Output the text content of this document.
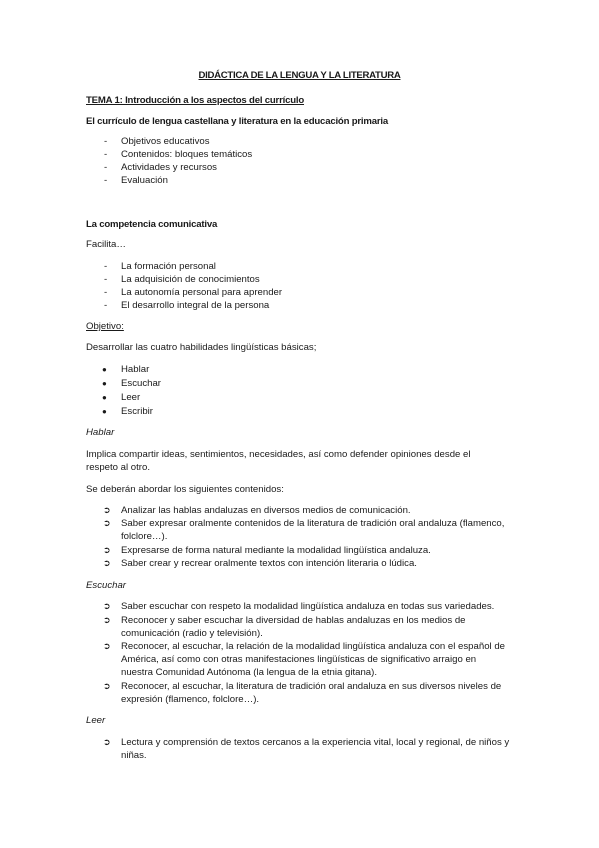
DIDÁCTICA DE LA LENGUA Y LA LITERATURA
TEMA 1: Introducción a los aspectos del currículo
El currículo de lengua castellana y literatura en la educación primaria
- Objetivos educativos
- Contenidos: bloques temáticos
- Actividades y recursos
- Evaluación
La competencia comunicativa
Facilita…
- La formación personal
- La adquisición de conocimientos
- La autonomía personal para aprender
- El desarrollo integral de la persona
Objetivo:
Desarrollar las cuatro habilidades lingüísticas básicas;
● Hablar
● Escuchar
● Leer
● Escribir
Hablar
Implica compartir ideas, sentimientos, necesidades, así como defender opiniones desde el
respeto al otro.
Se deberán abordar los siguientes contenidos:
➲ Analizar las hablas andaluzas en diversos medios de comunicación.
➲ Saber expresar oralmente contenidos de la literatura de tradición oral andaluza (flamenco,
folclore…).
➲ Expresarse de forma natural mediante la modalidad lingüística andaluza.
➲ Saber crear y recrear oralmente textos con intención literaria o lúdica.
Escuchar
➲ Saber escuchar con respeto la modalidad lingüística andaluza en todas sus variedades.
➲ Reconocer y saber escuchar la diversidad de hablas andaluzas en los medios de
comunicación (radio y televisión).
➲ Reconocer, al escuchar, la relación de la modalidad lingüística andaluza con el español de
América, así como con otras manifestaciones lingüísticas de significativo arraigo en
nuestra Comunidad Autónoma (la lengua de la etnia gitana).
➲ Reconocer, al escuchar, la literatura de tradición oral andaluza en sus diversos niveles de
expresión (flamenco, folclore…).
Leer
➲ Lectura y comprensión de textos cercanos a la experiencia vital, local y regional, de niños y
niñas.
